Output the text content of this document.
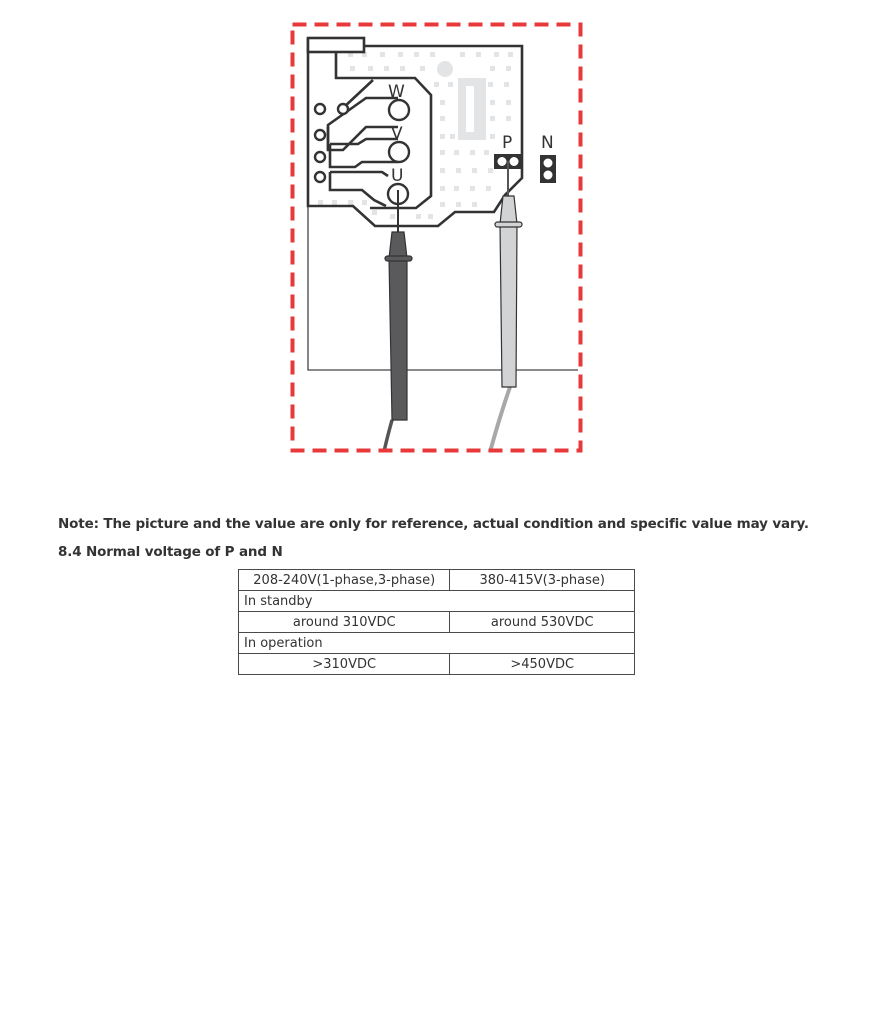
W
V
U
P N
Note: The picture and the value are only for reference, actual condition and specific value may vary.
8.4 Normal voltage of P and N
208-240V(1-phase,3-phase)	380-415V(3-phase)
In standby	
around 310VDC	around 530VDC
In operation	
>310VDC	>450VDC
